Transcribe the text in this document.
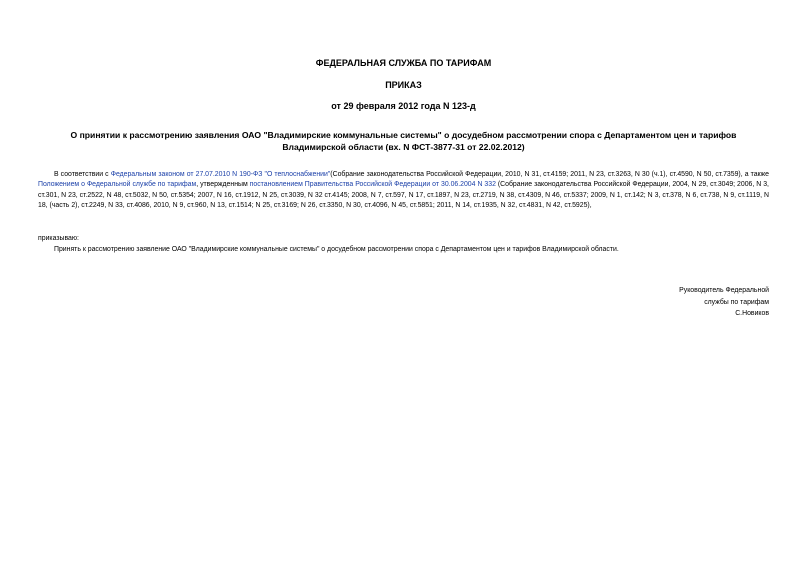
ФЕДЕРАЛЬНАЯ СЛУЖБА ПО ТАРИФАМ
ПРИКАЗ
от 29 февраля 2012 года N 123-д
О принятии к рассмотрению заявления ОАО "Владимирские коммунальные системы" о досудебном рассмотрении спора с Департаментом цен и тарифов
Владимирской области (вх. N ФСТ-3877-31 от 22.02.2012)
В соответствии с Федеральным законом от 27.07.2010 N 190-ФЗ "О теплоснабжении"(Собрание законодательства Российской Федерации, 2010, N 31, ст.4159; 2011, N 23, ст.3263, N 30 (ч.1), ст.4590, N 50, ст.7359), а также Положением о Федеральной службе по тарифам, утвержденным постановлением Правительства Российской Федерации от 30.06.2004 N 332 (Собрание законодательства Российской Федерации, 2004, N 29, ст.3049; 2006, N 3, ст.301, N 23, ст.2522, N 48, ст.5032, N 50, ст.5354; 2007, N 16, ст.1912, N 25, ст.3039, N 32 ст.4145; 2008, N 7, ст.597, N 17, ст.1897, N 23, ст.2719, N 38, ст.4309, N 46, ст.5337; 2009, N 1, ст.142; N 3, ст.378, N 6, ст.738, N 9, ст.1119, N 18, (часть 2), ст.2249, N 33, ст.4086, 2010, N 9, ст.960, N 13, ст.1514; N 25, ст.3169; N 26, ст.3350, N 30, ст.4096, N 45, ст.5851; 2011, N 14, ст.1935, N 32, ст.4831, N 42, ст.5925),
приказываю:
Принять к рассмотрению заявление ОАО "Владимирские коммунальные системы" о досудебном рассмотрении спора с Департаментом цен и тарифов Владимирской области.
Руководитель Федеральной
службы по тарифам
С.Новиков
